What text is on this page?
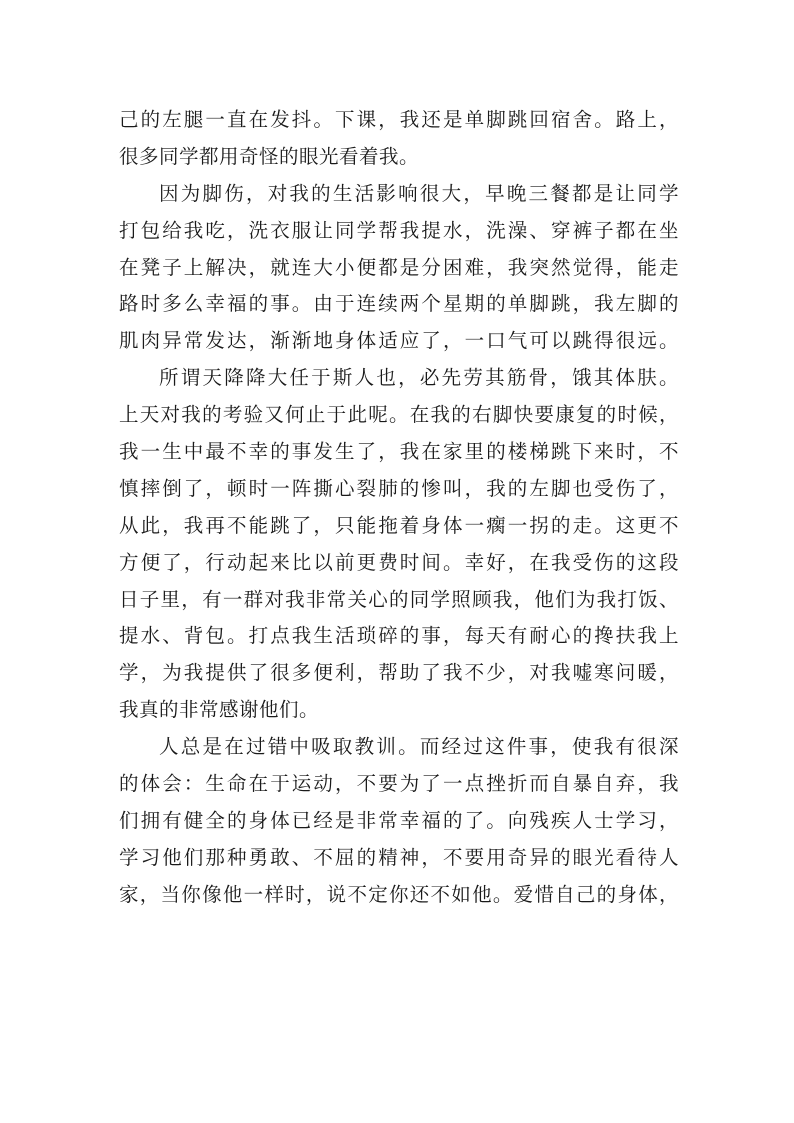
己的左腿一直在发抖。下课，我还是单脚跳回宿舍。路上，
很多同学都用奇怪的眼光看着我。
因为脚伤，对我的生活影响很大，早晚三餐都是让同学
打包给我吃，洗衣服让同学帮我提水，洗澡、穿裤子都在坐
在凳子上解决，就连大小便都是分困难，我突然觉得，能走
路时多么幸福的事。由于连续两个星期的单脚跳，我左脚的
肌肉异常发达，渐渐地身体适应了，一口气可以跳得很远。
所谓天降降大任于斯人也，必先劳其筋骨，饿其体肤。
上天对我的考验又何止于此呢。在我的右脚快要康复的时候，
我一生中最不幸的事发生了，我在家里的楼梯跳下来时，不
慎摔倒了，顿时一阵撕心裂肺的惨叫，我的左脚也受伤了，
从此，我再不能跳了，只能拖着身体一瘸一拐的走。这更不
方便了，行动起来比以前更费时间。幸好，在我受伤的这段
日子里，有一群对我非常关心的同学照顾我，他们为我打饭、
提水、背包。打点我生活琐碎的事，每天有耐心的搀扶我上
学，为我提供了很多便利，帮助了我不少，对我嘘寒问暖，
我真的非常感谢他们。
人总是在过错中吸取教训。而经过这件事，使我有很深
的体会：生命在于运动，不要为了一点挫折而自暴自弃，我
们拥有健全的身体已经是非常幸福的了。向残疾人士学习，
学习他们那种勇敢、不屈的精神，不要用奇异的眼光看待人
家，当你像他一样时，说不定你还不如他。爱惜自己的身体，
